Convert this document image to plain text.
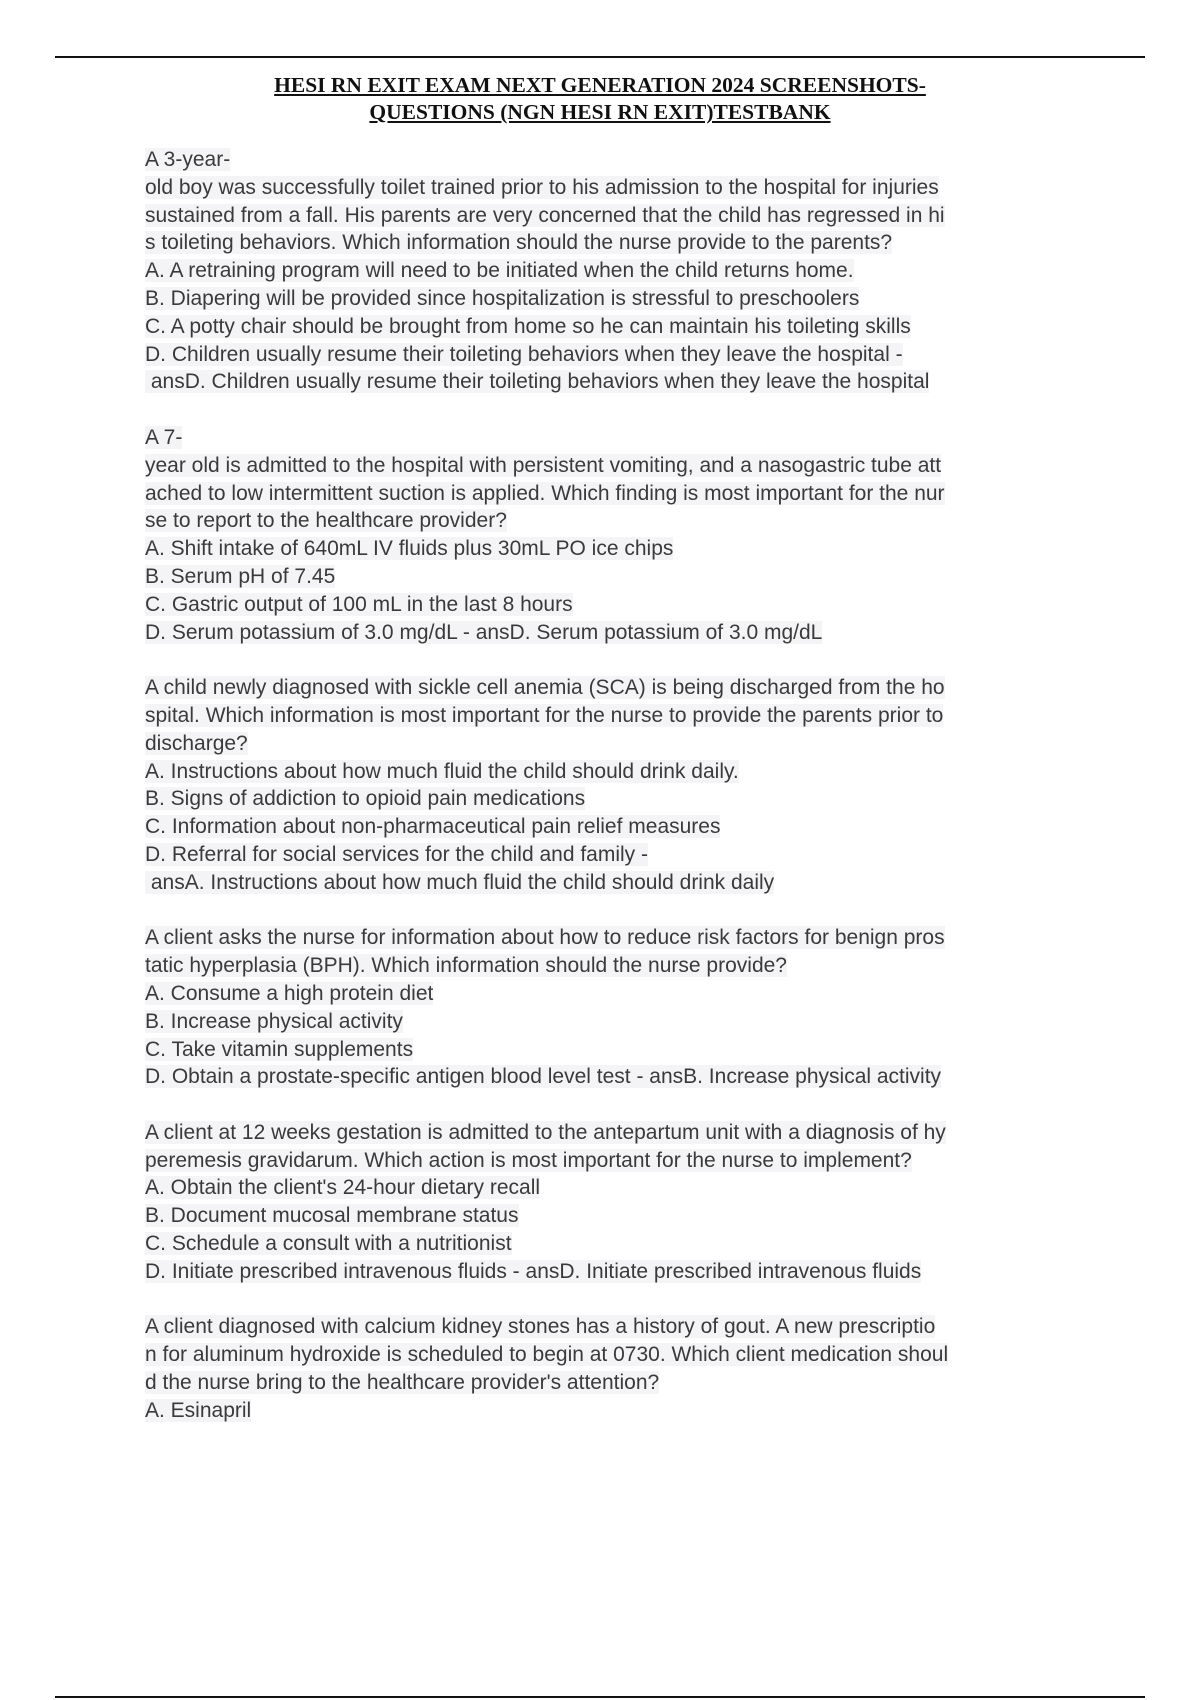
HESI RN EXIT EXAM NEXT GENERATION 2024 SCREENSHOTS-
QUESTIONS (NGN HESI RN EXIT)TESTBANK
A 3-year-
old boy was successfully toilet trained prior to his admission to the hospital for injuries
sustained from a fall. His parents are very concerned that the child has regressed in hi
s toileting behaviors. Which information should the nurse provide to the parents?
A. A retraining program will need to be initiated when the child returns home.
B. Diapering will be provided since hospitalization is stressful to preschoolers
C. A potty chair should be brought from home so he can maintain his toileting skills
D. Children usually resume their toileting behaviors when they leave the hospital -
ansD. Children usually resume their toileting behaviors when they leave the hospital
A 7-
year old is admitted to the hospital with persistent vomiting, and a nasogastric tube att
ached to low intermittent suction is applied. Which finding is most important for the nur
se to report to the healthcare provider?
A. Shift intake of 640mL IV fluids plus 30mL PO ice chips
B. Serum pH of 7.45
C. Gastric output of 100 mL in the last 8 hours
D. Serum potassium of 3.0 mg/dL - ansD. Serum potassium of 3.0 mg/dL
A child newly diagnosed with sickle cell anemia (SCA) is being discharged from the ho
spital. Which information is most important for the nurse to provide the parents prior to
discharge?
A. Instructions about how much fluid the child should drink daily.
B. Signs of addiction to opioid pain medications
C. Information about non-pharmaceutical pain relief measures
D. Referral for social services for the child and family -
ansA. Instructions about how much fluid the child should drink daily
A client asks the nurse for information about how to reduce risk factors for benign pros
tatic hyperplasia (BPH). Which information should the nurse provide?
A. Consume a high protein diet
B. Increase physical activity
C. Take vitamin supplements
D. Obtain a prostate-specific antigen blood level test - ansB. Increase physical activity
A client at 12 weeks gestation is admitted to the antepartum unit with a diagnosis of hy
peremesis gravidarum. Which action is most important for the nurse to implement?
A. Obtain the client's 24-hour dietary recall
B. Document mucosal membrane status
C. Schedule a consult with a nutritionist
D. Initiate prescribed intravenous fluids - ansD. Initiate prescribed intravenous fluids
A client diagnosed with calcium kidney stones has a history of gout. A new prescriptio
n for aluminum hydroxide is scheduled to begin at 0730. Which client medication shoul
d the nurse bring to the healthcare provider's attention?
A. Esinapril
